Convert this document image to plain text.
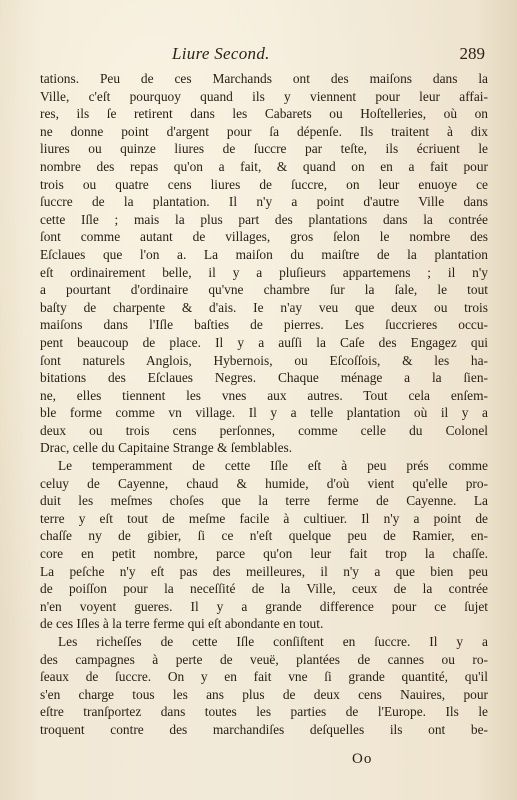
Liure Second.	289
tations. Peu de ces Marchands ont des maiſons dans la
Ville, c'eſt pourquoy quand ils y viennent pour leur affai-
res, ils ſe retirent dans les Cabarets ou Hoſtelleries, où on
ne donne point d'argent pour ſa dépenſe. Ils traitent à dix
liures ou quinze liures de ſuccre par teſte, ils écriuent le
nombre des repas qu'on a fait, & quand on en a fait pour
trois ou quatre cens liures de ſuccre, on leur enuoye ce
ſuccre de la plantation. Il n'y a point d'autre Ville dans
cette Iſle ; mais la plus part des plantations dans la contrée
ſont comme autant de villages, gros ſelon le nombre des
Eſclaues que l'on a. La maiſon du maiſtre de la plantation
eſt ordinairement belle, il y a pluſieurs appartemens ; il n'y
a pourtant d'ordinaire qu'vne chambre ſur la ſale, le tout
baſty de charpente & d'ais. Ie n'ay veu que deux ou trois
maiſons dans l'Iſle baſties de pierres. Les ſuccrieres occu-
pent beaucoup de place. Il y a auſſi la Caſe des Engagez qui
ſont naturels Anglois, Hybernois, ou Eſcoſſois, & les ha-
bitations des Eſclaues Negres. Chaque ménage a la ſien-
ne, elles tiennent les vnes aux autres. Tout cela enſem-
ble forme comme vn village. Il y a telle plantation où il y a
deux ou trois cens perſonnes, comme celle du Colonel
Drac, celle du Capitaine Strange & ſemblables.
Le temperamment de cette Iſle eſt à peu prés comme
celuy de Cayenne, chaud & humide, d'où vient qu'elle pro-
duit les meſmes choſes que la terre ferme de Cayenne. La
terre y eſt tout de meſme facile à cultiuer. Il n'y a point de
chaſſe ny de gibier, ſi ce n'eſt quelque peu de Ramier, en-
core en petit nombre, parce qu'on leur fait trop la chaſſe.
La peſche n'y eſt pas des meilleures, il n'y a que bien peu
de poiſſon pour la neceſſité de la Ville, ceux de la contrée
n'en voyent gueres. Il y a grande difference pour ce ſujet
de ces Iſles à la terre ferme qui eſt abondante en tout.
Les richeſſes de cette Iſle conſiſtent en ſuccre. Il y a
des campagnes à perte de veuë, plantées de cannes ou ro-
ſeaux de ſuccre. On y en fait vne ſi grande quantité, qu'il
s'en charge tous les ans plus de deux cens Nauires, pour
eſtre tranſportez dans toutes les parties de l'Europe. Ils le
troquent contre des marchandiſes deſquelles ils ont be-
Oo
